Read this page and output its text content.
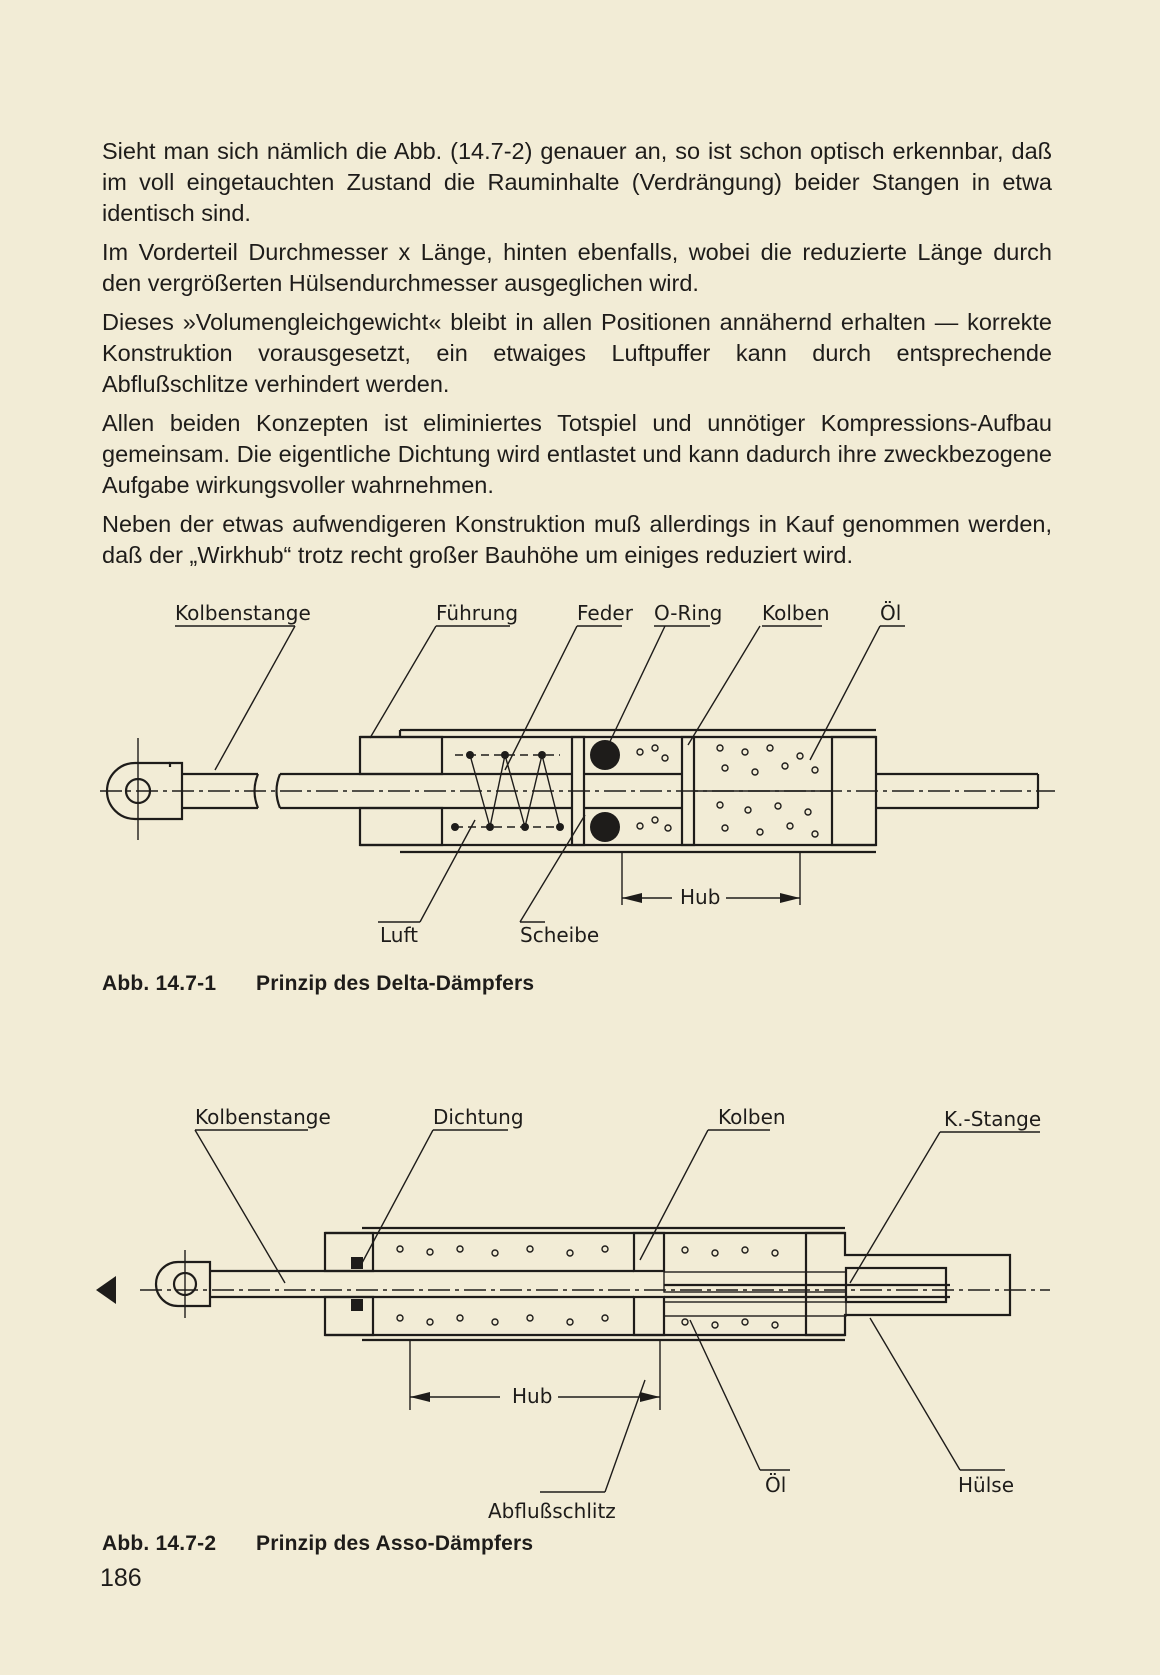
Sieht man sich nämlich die Abb. (14.7-2) genauer an, so ist schon optisch erkennbar, daß im voll eingetauchten Zustand die Rauminhalte (Verdrängung) beider Stangen in etwa identisch sind.

Im Vorderteil Durchmesser x Länge, hinten ebenfalls, wobei die reduzierte Länge durch den vergrößerten Hülsendurchmesser ausgeglichen wird.

Dieses »Volumengleichgewicht« bleibt in allen Positionen annähernd erhalten — korrekte Konstruktion vorausgesetzt, ein etwaiges Luftpuffer kann durch entsprechende Abflußschlitze verhindert werden.

Allen beiden Konzepten ist eliminiertes Totspiel und unnötiger Kompressions-Aufbau gemeinsam. Die eigentliche Dichtung wird entlastet und kann dadurch ihre zweckbezogene Aufgabe wirkungsvoller wahrnehmen.

Neben der etwas aufwendigeren Konstruktion muß allerdings in Kauf genommen werden, daß der „Wirkhub“ trotz recht großer Bauhöhe um einiges reduziert wird.

Kolbenstange	Führung	Feder O-Ring Kolben	Öl
Hub
Luft	Scheibe
Abb. 14.7-1 Prinzip des Delta-Dämpfers
Kolbenstange	Dichtung	Kolben	K.-Stange
Hub
Öl	Hülse
Abflußschlitz
Abb. 14.7-2 Prinzip des Asso-Dämpfers
186
